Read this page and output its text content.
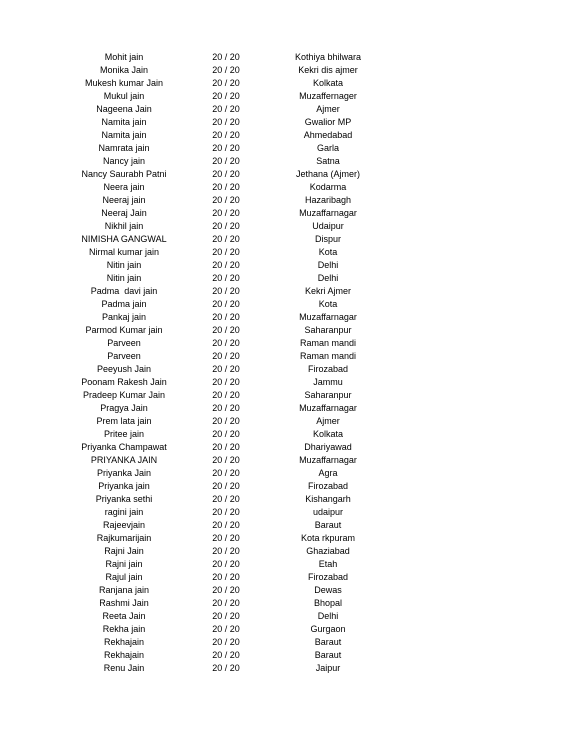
Mohit jain	20 / 20	Kothiya bhilwara
Monika Jain	20 / 20	Kekri dis ajmer
Mukesh kumar Jain	20 / 20	Kolkata
Mukul jain	20 / 20	Muzaffernager
Nageena Jain	20 / 20	Ajmer
Namita jain	20 / 20	Gwalior MP
Namita jain	20 / 20	Ahmedabad
Namrata jain	20 / 20	Garla
Nancy jain	20 / 20	Satna
Nancy Saurabh Patni	20 / 20	Jethana (Ajmer)
Neera jain	20 / 20	Kodarma
Neeraj jain	20 / 20	Hazaribagh
Neeraj Jain	20 / 20	Muzaffarnagar
Nikhil jain	20 / 20	Udaipur
NIMISHA GANGWAL	20 / 20	Dispur
Nirmal kumar jain	20 / 20	Kota
Nitin jain	20 / 20	Delhi
Nitin jain	20 / 20	Delhi
Padma  davi jain	20 / 20	Kekri Ajmer
Padma jain	20 / 20	Kota
Pankaj jain	20 / 20	Muzaffarnagar
Parmod Kumar jain	20 / 20	Saharanpur
Parveen	20 / 20	Raman mandi
Parveen	20 / 20	Raman mandi
Peeyush Jain	20 / 20	Firozabad
Poonam Rakesh Jain	20 / 20	Jammu
Pradeep Kumar Jain	20 / 20	Saharanpur
Pragya Jain	20 / 20	Muzaffarnagar
Prem lata jain	20 / 20	Ajmer
Pritee jain	20 / 20	Kolkata
Priyanka Champawat	20 / 20	Dhariyawad
PRIYANKA JAIN	20 / 20	Muzaffarnagar
Priyanka Jain	20 / 20	Agra
Priyanka jain	20 / 20	Firozabad
Priyanka sethi	20 / 20	Kishangarh
ragini jain	20 / 20	udaipur
Rajeevjain	20 / 20	Baraut
Rajkumarijain	20 / 20	Kota rkpuram
Rajni Jain	20 / 20	Ghaziabad
Rajni jain	20 / 20	Etah
Rajul jain	20 / 20	Firozabad
Ranjana jain	20 / 20	Dewas
Rashmi Jain	20 / 20	Bhopal
Reeta Jain	20 / 20	Delhi
Rekha jain	20 / 20	Gurgaon
Rekhajain	20 / 20	Baraut
Rekhajain	20 / 20	Baraut
Renu Jain	20 / 20	Jaipur
